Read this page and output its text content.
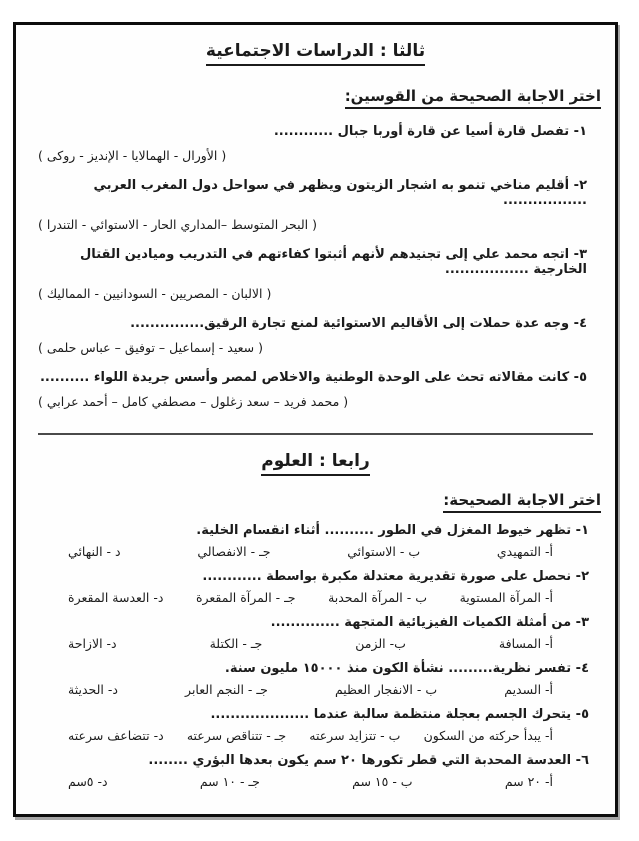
ثالثا : الدراسات الاجتماعية
اختر الاجابة الصحيحة من القوسين:
١- تفصل قارة أسيا عن قارة أوربا جبال ............
( الأورال - الهمالايا - الإنديز - روكى )
٢- أقليم مناخي تنمو به اشجار الزيتون ويظهر في سواحل دول المغرب العربي .................
( البحر المتوسط –المداري الحار - الاستوائي - التندرا )
٣- اتجه محمد علي إلى تجنيدهم لأنهم أثبتوا كفاءتهم في التدريب وميادين القتال الخارجية .................
( الالبان - المصريين - السودانيين - المماليك )
٤- وجه عدة حملات إلى الأقاليم الاستوائية لمنع تجارة الرقيق...............
( سعيد - إسماعيل – توفيق – عباس حلمى )
٥- كانت مقالاته تحث على الوحدة الوطنية والاخلاص لمصر وأسس جريدة اللواء ..........
( محمد فريد – سعد زغلول – مصطفي كامل – أحمد عرابي )
رابعا : العلوم
اختر الاجابة الصحيحة:
١- تظهر خيوط المغزل في الطور .......... أثناء انقسام الخلية.
أ- التمهيدي
ب - الاستوائي
جـ - الانفصالي
د - النهائي
٢- نحصل على صورة تقديرية معتدلة مكبرة بواسطة ............
أ- المرآة المستوية
ب - المرآة المحدبة
جـ - المرآة المقعرة
د- العدسة المقعرة
٣- من أمثلة الكميات الفيزيائية المتجهة ..............
أ- المسافة
ب- الزمن
جـ - الكتلة
د- الازاحة
٤- تفسر نظرية......... نشأة الكون منذ ١٥٠٠٠ مليون سنة.
أ- السديم
ب - الانفجار العظيم
جـ - النجم العابر
د- الحديثة
٥- يتحرك الجسم بعجلة منتظمة سالبة عندما ....................
أ- يبدأ حركته من السكون
ب - تتزايد سرعته
جـ - تتناقص سرعته
د- تتضاعف سرعته
٦- العدسة المحدبة التي قطر تكورها ٢٠ سم يكون بعدها البؤري ........
أ- ٢٠ سم
ب - ١٥ سم
جـ - ١٠ سم
د- ٥سم
